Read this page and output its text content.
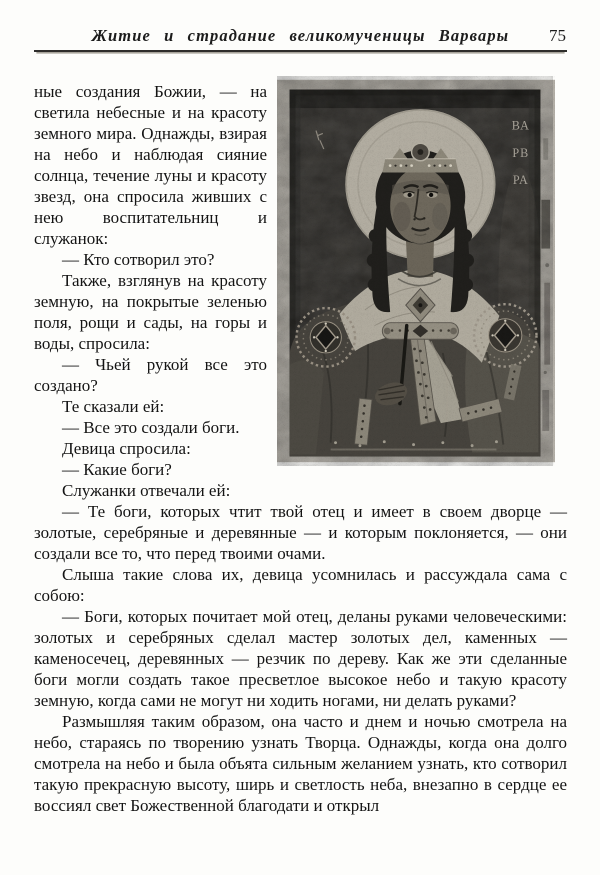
Житие и страдание великомученицы Варвары 75
ВА
РВ
РА

ные создания Божии, — на светила небесные и на красоту земного мира. Однажды, взирая на небо и наблюдая сияние солнца, течение луны и красоту звезд, она спросила живших с нею воспитательниц и служанок:

— Кто сотворил это?

Также, взглянув на красоту земную, на покрытые зеленью поля, рощи и сады, на горы и воды, спросила:

— Чьей рукой все это создано?

Те сказали ей:

— Все это создали боги.

Девица спросила:

— Какие боги?

Служанки отвечали ей:

— Те боги, которых чтит твой отец и имеет в своем дворце — золотые, серебряные и деревянные — и которым поклоняется, — они создали все то, что перед твоими очами.

Слыша такие слова их, девица усомнилась и рассуждала сама с собою:

— Боги, которых почитает мой отец, деланы руками человеческими: золотых и серебряных сделал мастер золотых дел, каменных — каменосечец, деревянных — резчик по дереву. Как же эти сделанные боги могли создать такое пресветлое высокое небо и такую красоту земную, когда сами не могут ни ходить ногами, ни делать руками?

Размышляя таким образом, она часто и днем и ночью смотрела на небо, стараясь по творению узнать Творца. Однажды, когда она долго смотрела на небо и была объята сильным желанием узнать, кто сотворил такую прекрасную высоту, ширь и светлость неба, внезапно в сердце ее воссиял свет Божественной благодати и открыл
